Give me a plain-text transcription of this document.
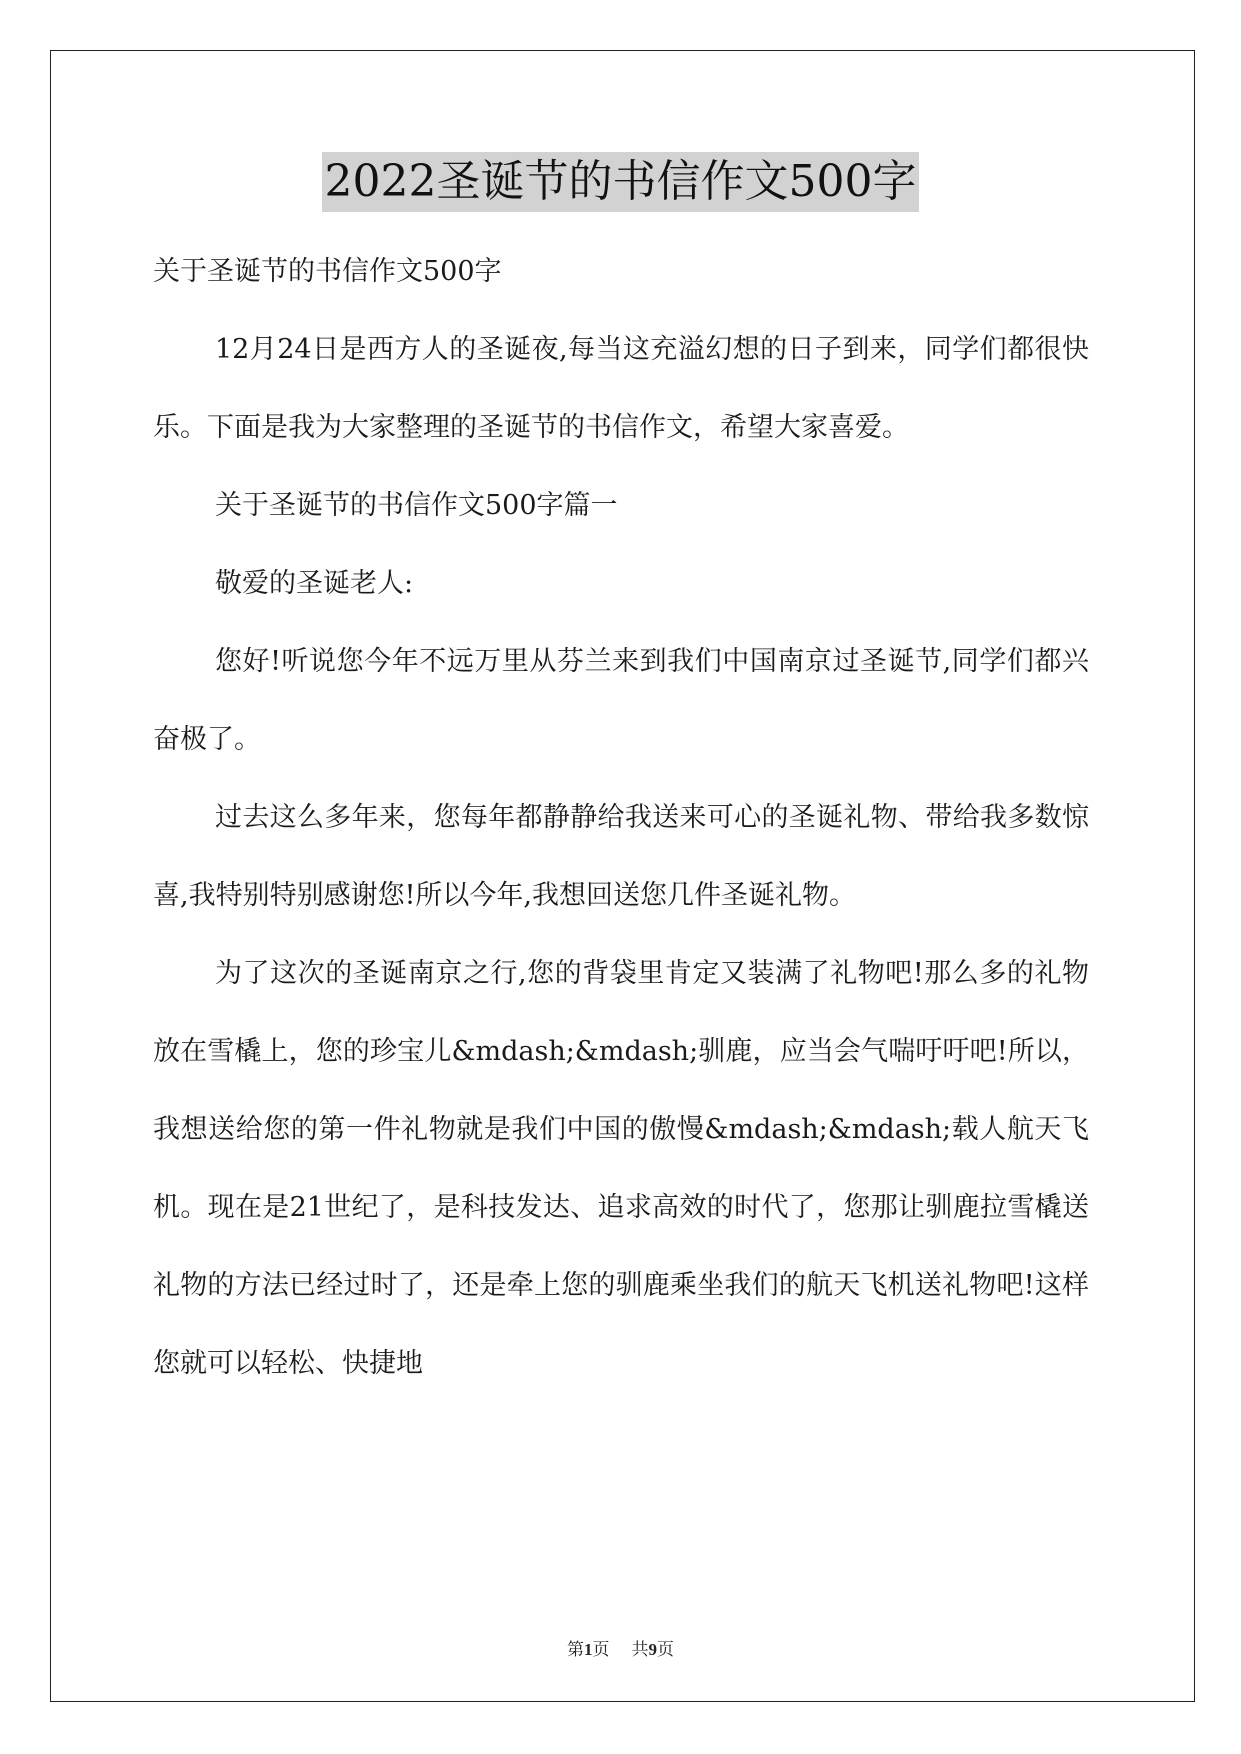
2022圣诞节的书信作文500字

关于圣诞节的书信作文500字

12月24日是西方人的圣诞夜,每当这充溢幻想的日子到来，同学们都很快乐。下面是我为大家整理的圣诞节的书信作文，希望大家喜爱。

关于圣诞节的书信作文500字篇一

敬爱的圣诞老人:

您好!听说您今年不远万里从芬兰来到我们中国南京过圣诞节,同学们都兴奋极了。

过去这么多年来，您每年都静静给我送来可心的圣诞礼物、带给我多数惊喜,我特别特别感谢您!所以今年,我想回送您几件圣诞礼物。

为了这次的圣诞南京之行,您的背袋里肯定又装满了礼物吧!那么多的礼物放在雪橇上，您的珍宝儿&mdash;&mdash;驯鹿，应当会气喘吁吁吧!所以，我想送给您的第一件礼物就是我们中国的傲慢&mdash;&mdash;载人航天飞机。现在是21世纪了，是科技发达、追求高效的时代了，您那让驯鹿拉雪橇送礼物的方法已经过时了，还是牵上您的驯鹿乘坐我们的航天飞机送礼物吧!这样您就可以轻松、快捷地

第1页 共9页
